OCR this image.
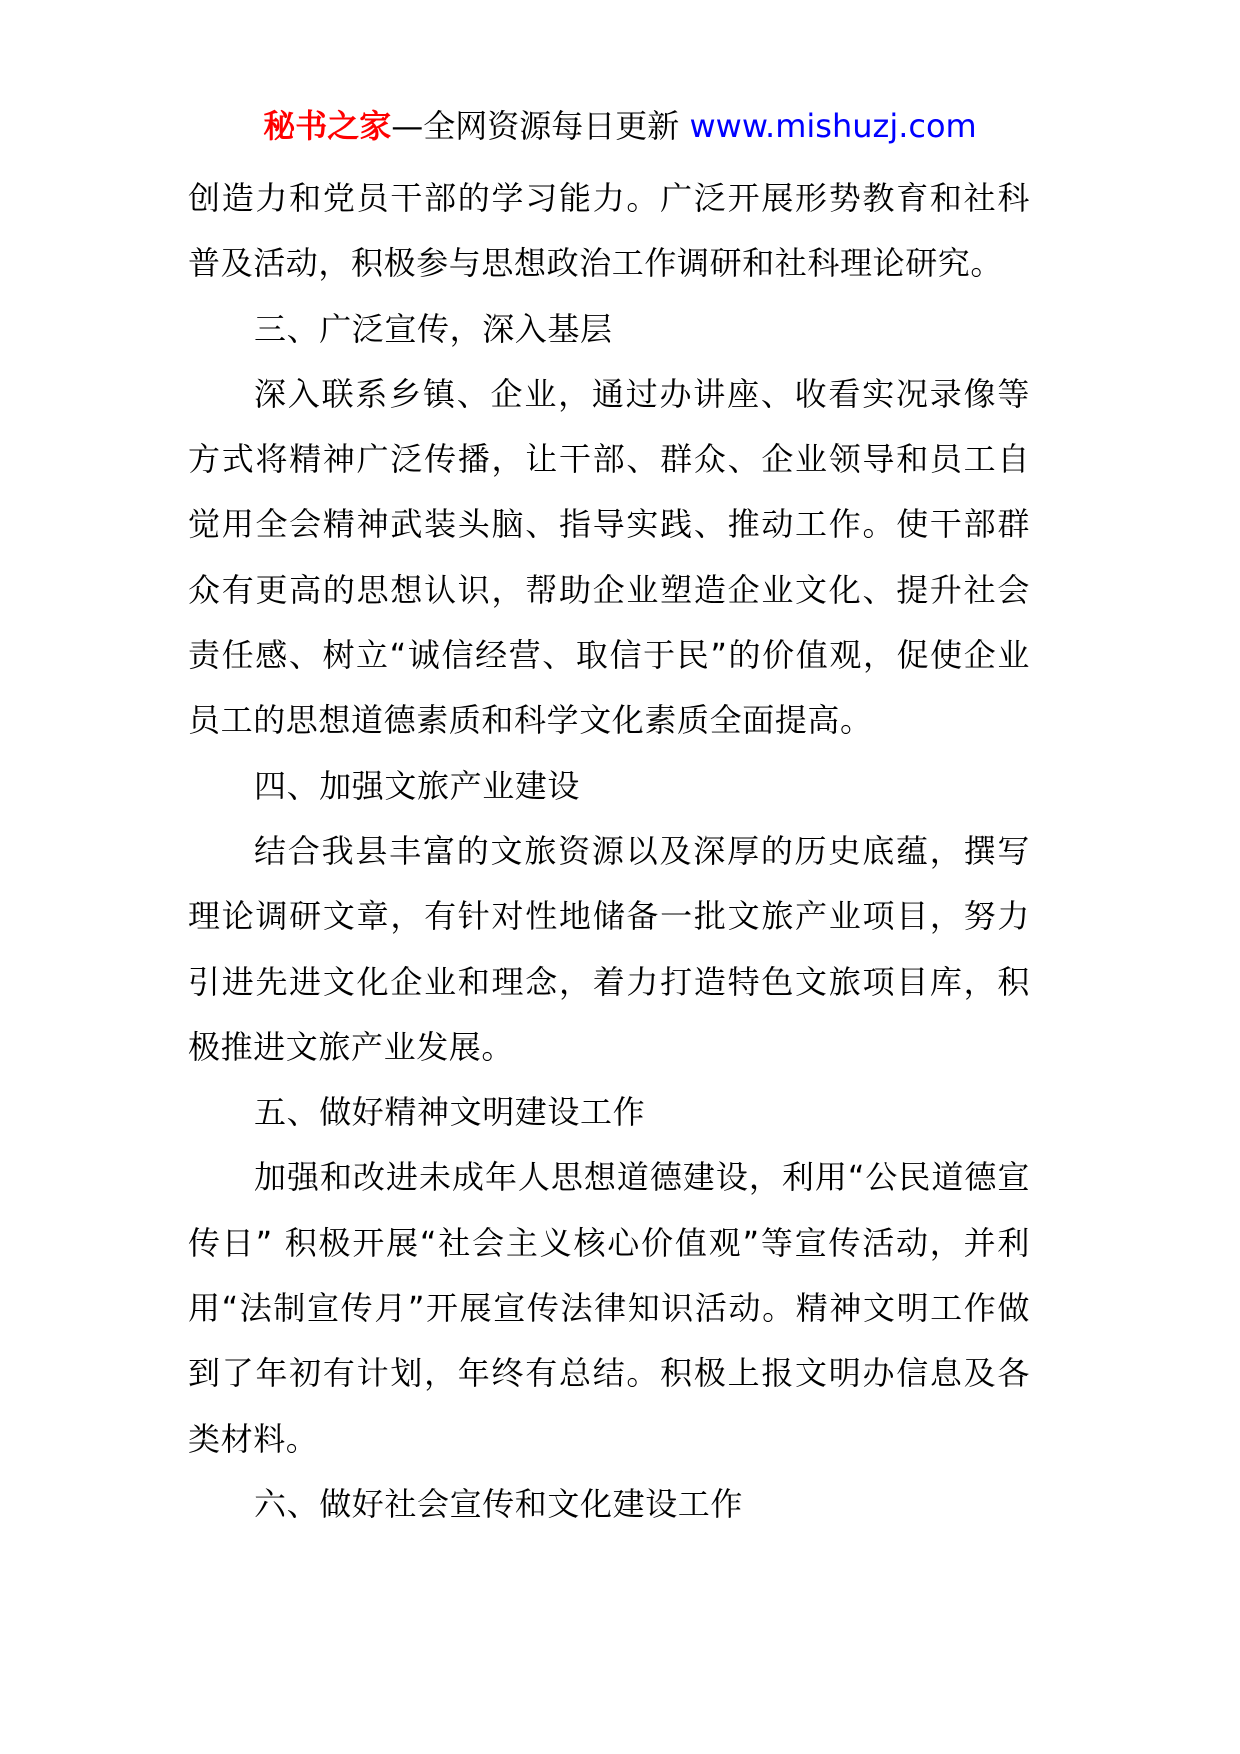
秘书之家—全网资源每日更新 www.mishuzj.com

创造力和党员干部的学习能力。广泛开展形势教育和社科普及活动，积极参与思想政治工作调研和社科理论研究。

三、广泛宣传，深入基层

深入联系乡镇、企业，通过办讲座、收看实况录像等方式将精神广泛传播，让干部、群众、企业领导和员工自觉用全会精神武装头脑、指导实践、推动工作。使干部群众有更高的思想认识，帮助企业塑造企业文化、提升社会责任感、树立“诚信经营、取信于民”的价值观，促使企业员工的思想道德素质和科学文化素质全面提高。

四、加强文旅产业建设

结合我县丰富的文旅资源以及深厚的历史底蕴，撰写理论调研文章，有针对性地储备一批文旅产业项目，努力引进先进文化企业和理念，着力打造特色文旅项目库，积极推进文旅产业发展。

五、做好精神文明建设工作

加强和改进未成年人思想道德建设，利用“公民道德宣传日” 积极开展“社会主义核心价值观”等宣传活动，并利用“法制宣传月”开展宣传法律知识活动。精神文明工作做到了年初有计划，年终有总结。积极上报文明办信息及各类材料。

六、做好社会宣传和文化建设工作
